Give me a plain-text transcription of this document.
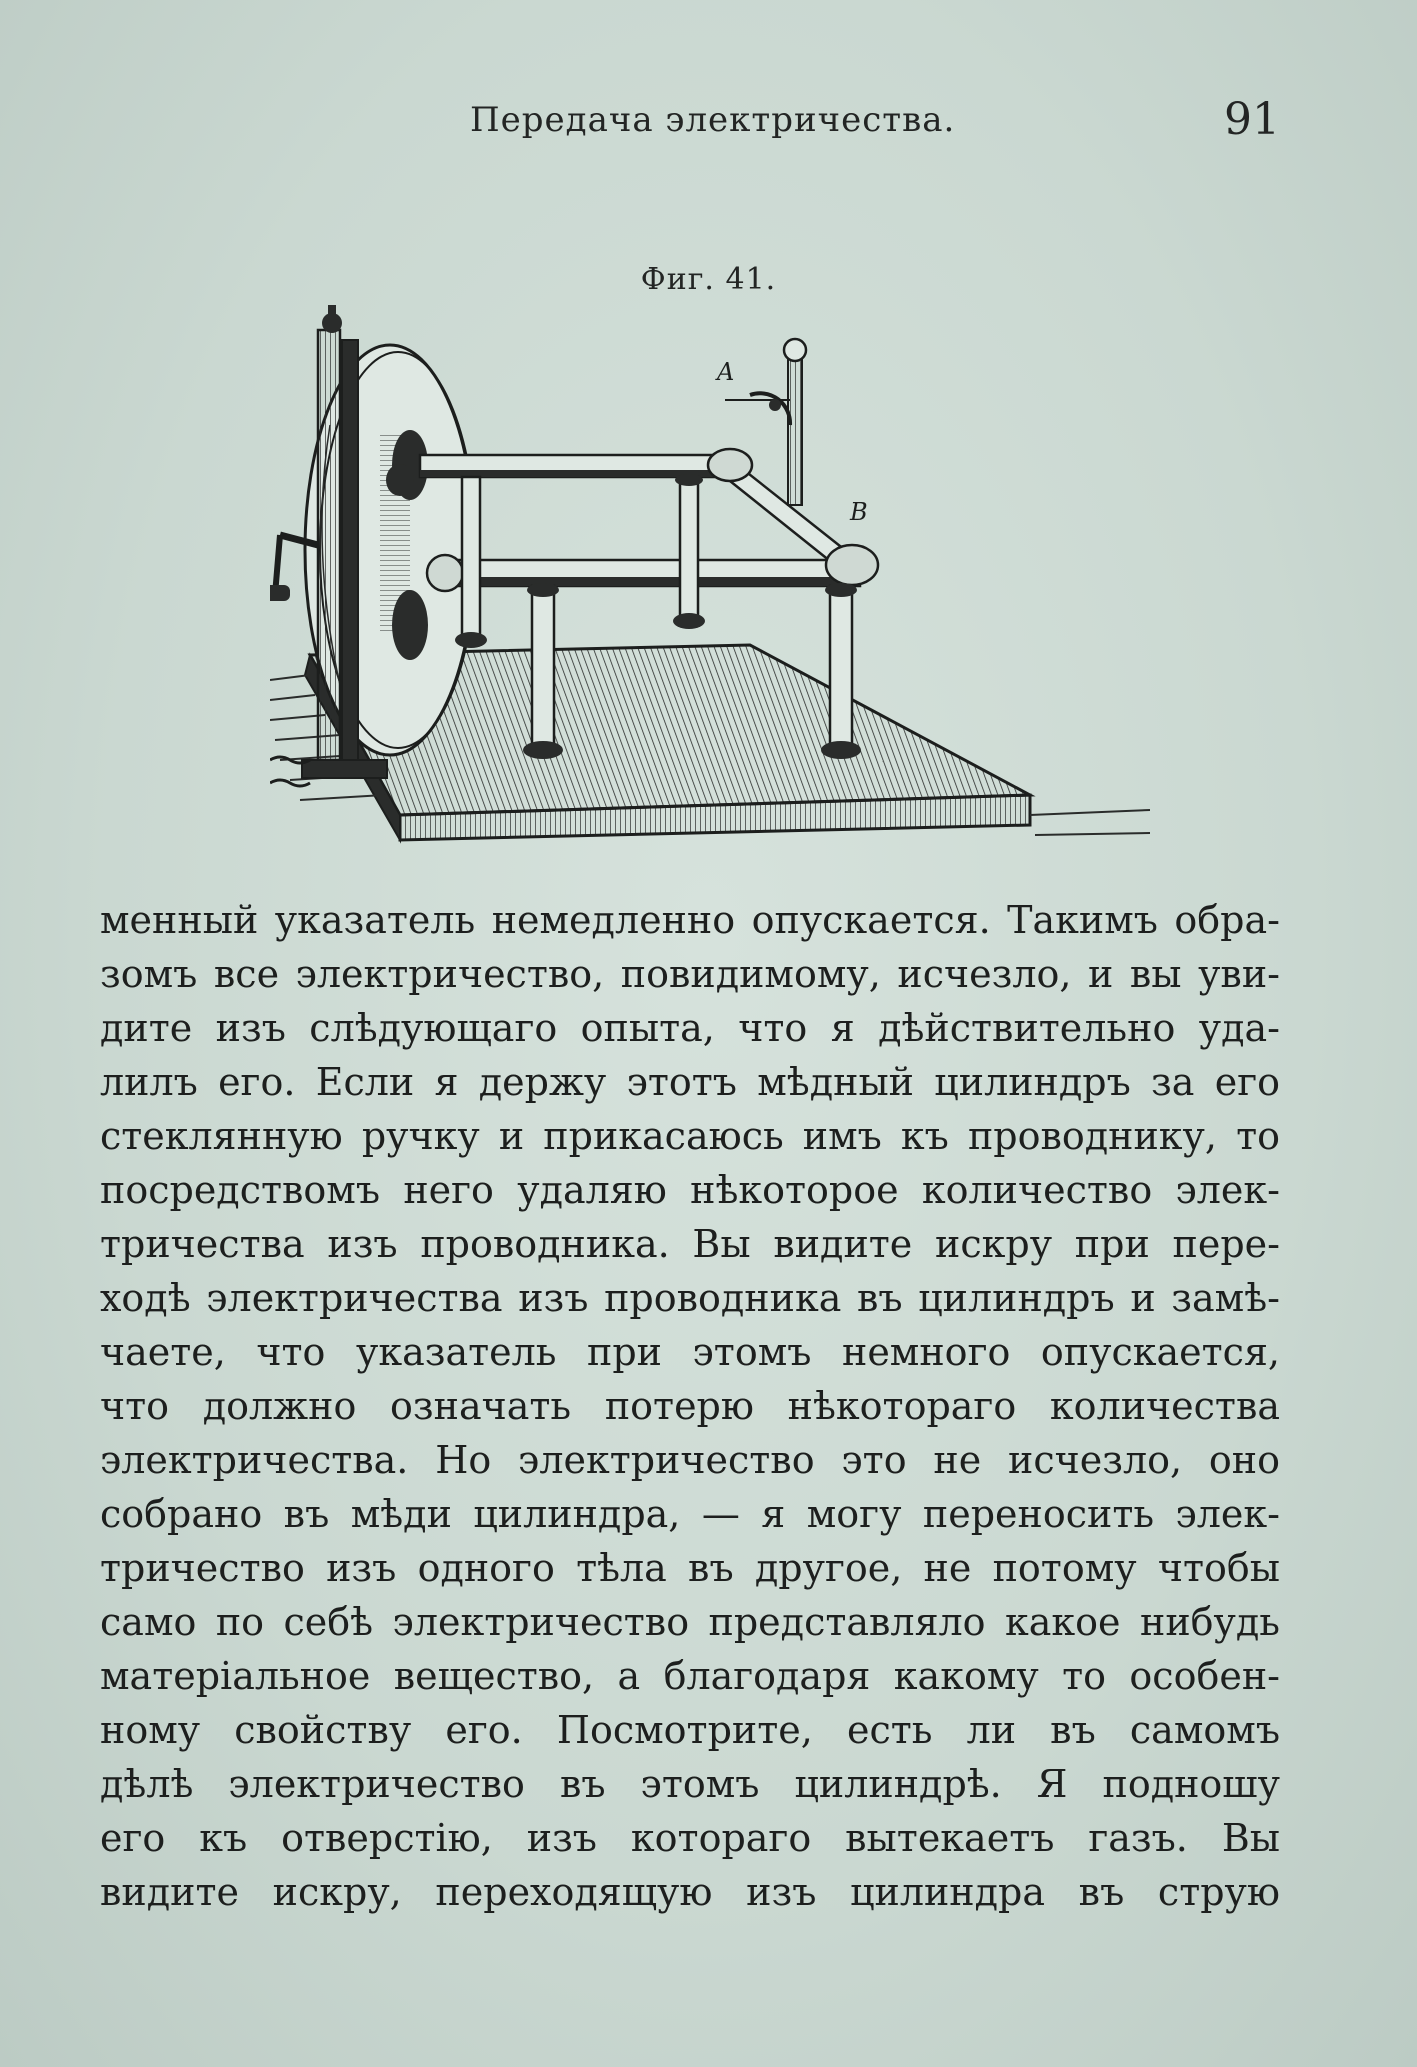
Передача электричества.	91
Фиг. 41.
A
B
менный указатель немедленно опускается. Такимъ обра-
зомъ все электричество, повидимому, исчезло, и вы уви-
дите изъ слѣдующаго опыта, что я дѣйствительно уда-
лилъ его. Если я держу этотъ мѣдный цилиндръ за его
стеклянную ручку и прикасаюсь имъ къ проводнику, то
посредствомъ него удаляю нѣкоторое количество элек-
тричества изъ проводника. Вы видите искру при пере-
ходѣ электричества изъ проводника въ цилиндръ и замѣ-
чаете, что указатель при этомъ немного опускается,
что должно означать потерю нѣкотораго количества
электричества. Но электричество это не исчезло, оно
собрано въ мѣди цилиндра, — я могу переносить элек-
тричество изъ одного тѣла въ другое, не потому чтобы
само по себѣ электричество представляло какое нибудь
матеріальное вещество, а благодаря какому то особен-
ному свойству его. Посмотрите, есть ли въ самомъ
дѣлѣ электричество въ этомъ цилиндрѣ. Я подношу
его къ отверстію, изъ котораго вытекаетъ газъ. Вы
видите искру, переходящую изъ цилиндра въ струю
